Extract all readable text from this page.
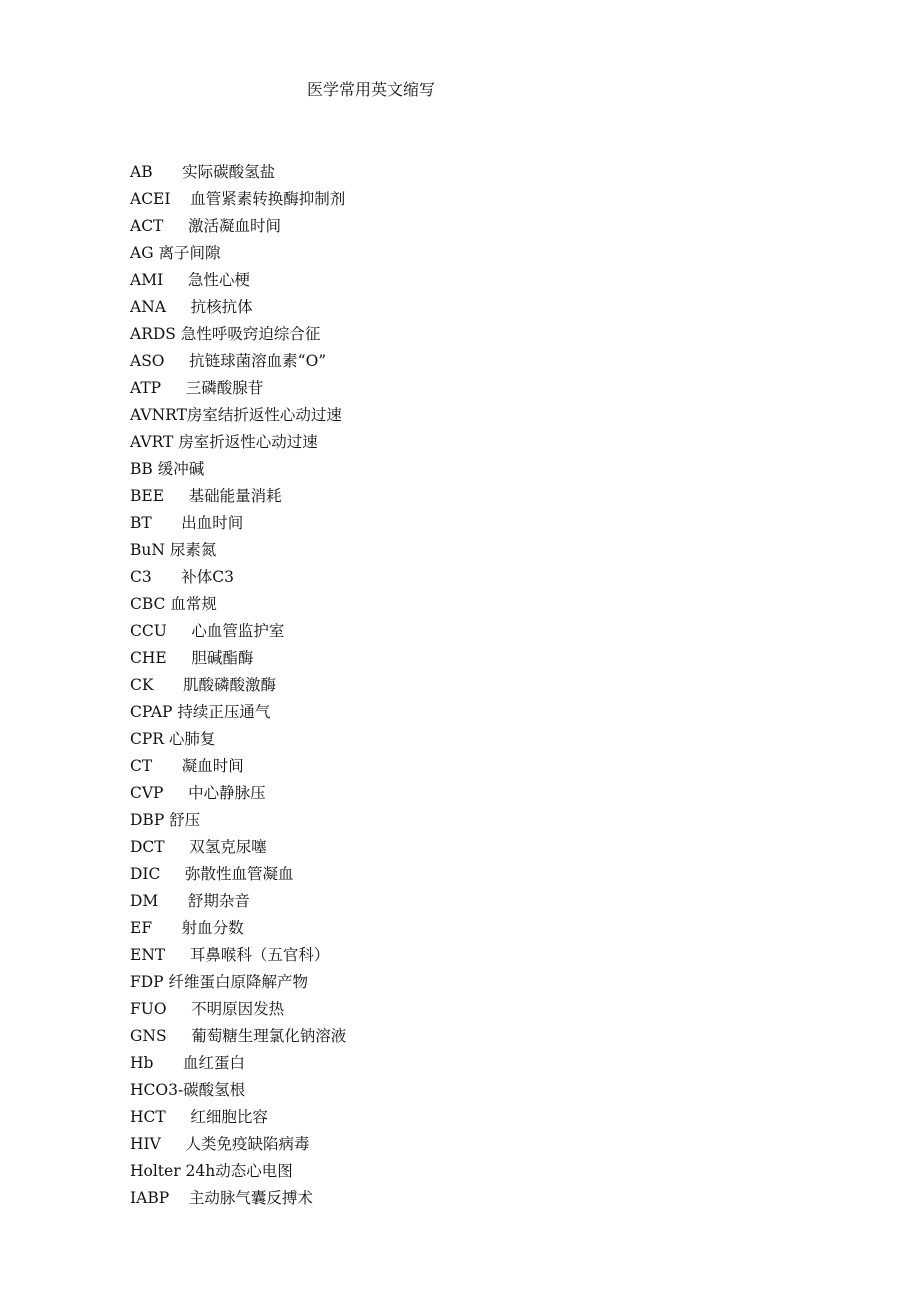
医学常用英文缩写
AB      实际碳酸氢盐
ACEI    血管紧素转换酶抑制剂
ACT     激活凝血时间
AG 离子间隙
AMI     急性心梗
ANA     抗核抗体
ARDS 急性呼吸窍迫综合征
ASO     抗链球菌溶血素“O”
ATP     三磷酸腺苷
AVNRT房室结折返性心动过速
AVRT 房室折返性心动过速
BB 缓冲碱
BEE     基础能量消耗
BT      出血时间
BuN 尿素氮
C3      补体C3
CBC 血常规
CCU     心血管监护室
CHE     胆碱酯酶
CK      肌酸磷酸激酶
CPAP 持续正压通气
CPR 心肺复
CT      凝血时间
CVP     中心静脉压
DBP 舒压
DCT     双氢克尿噻
DIC     弥散性血管凝血
DM      舒期杂音
EF      射血分数
ENT     耳鼻喉科（五官科）
FDP 纤维蛋白原降解产物
FUO     不明原因发热
GNS     葡萄糖生理氯化钠溶液
Hb      血红蛋白
HCO3-碳酸氢根
HCT     红细胞比容
HIV     人类免疫缺陷病毒
Holter 24h动态心电图
IABP    主动脉气囊反搏术
